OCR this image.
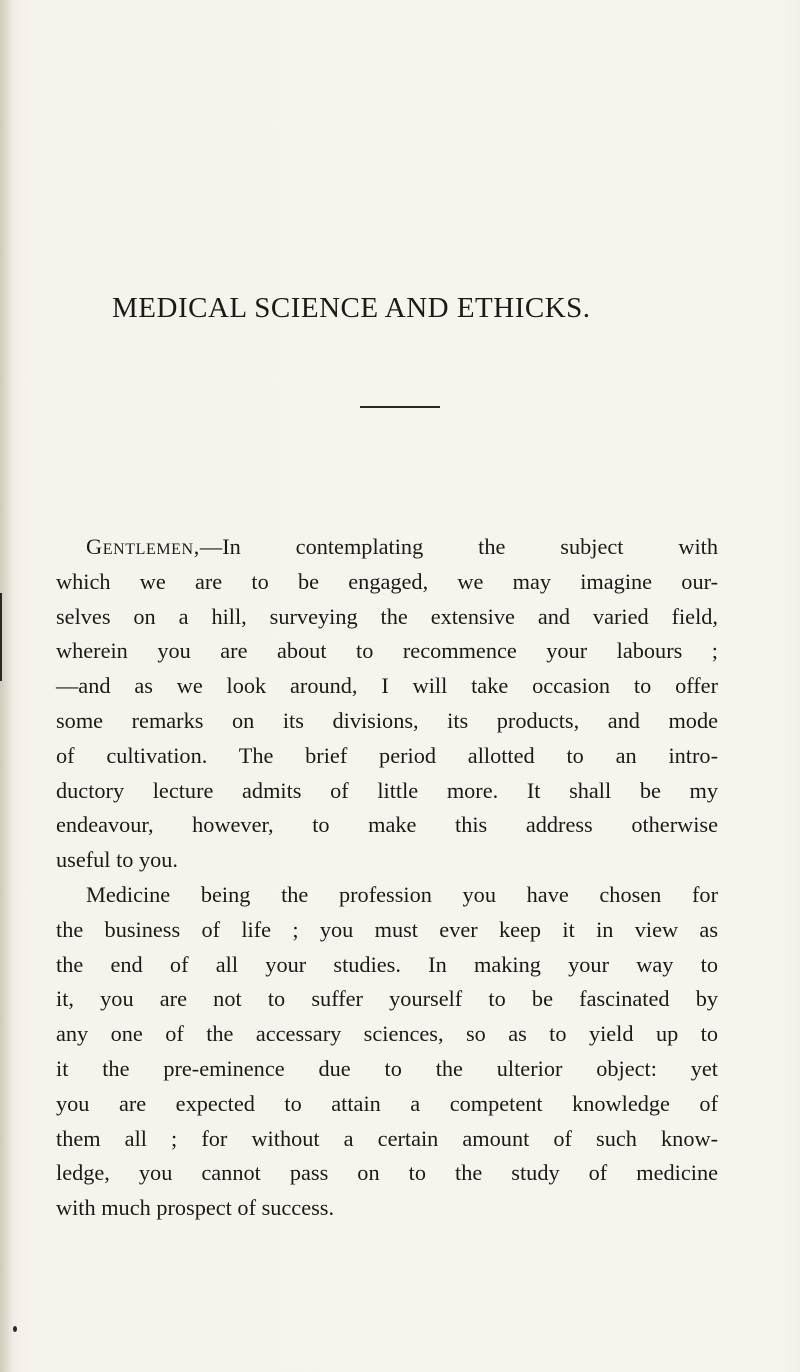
MEDICAL SCIENCE AND ETHICKS.
Gentlemen,—In contemplating the subject with
which we are to be engaged, we may imagine our-
selves on a hill, surveying the extensive and varied field,
wherein you are about to recommence your labours ;
—and as we look around, I will take occasion to offer
some remarks on its divisions, its products, and mode
of cultivation. The brief period allotted to an intro-
ductory lecture admits of little more. It shall be my
endeavour, however, to make this address otherwise
useful to you.
Medicine being the profession you have chosen for
the business of life ; you must ever keep it in view as
the end of all your studies. In making your way to
it, you are not to suffer yourself to be fascinated by
any one of the accessary sciences, so as to yield up to
it the pre-eminence due to the ulterior object: yet
you are expected to attain a competent knowledge of
them all ; for without a certain amount of such know-
ledge, you cannot pass on to the study of medicine
with much prospect of success.
